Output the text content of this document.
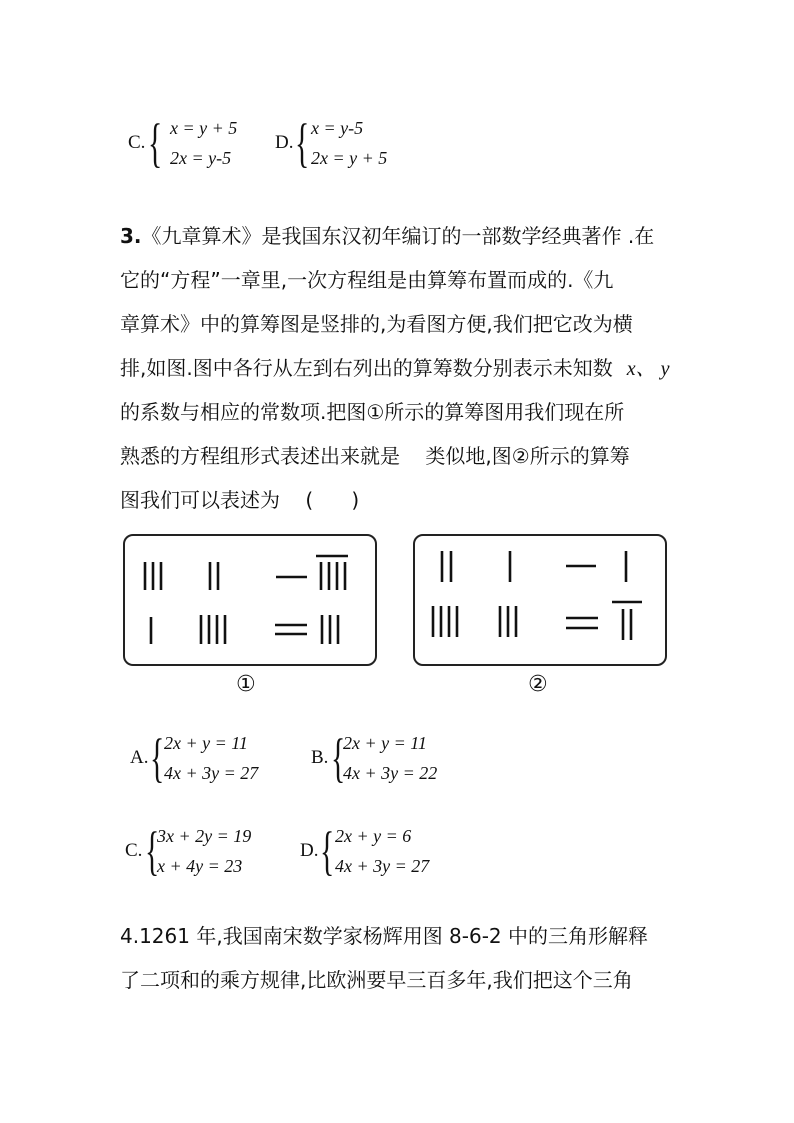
C. { x = y + 5
2x = y-5
D. { x = y-5
2x = y + 5
3.《九章算术》是我国东汉初年编订的一部数学经典著作 .在
它的“方程”一章里,一次方程组是由算筹布置而成的.《九
章算术》中的算筹图是竖排的,为看图方便,我们把它改为横
排,如图.图中各行从左到右列出的算筹数分别表示未知数 x、 y
的系数与相应的常数项.把图①所示的算筹图用我们现在所
熟悉的方程组形式表述出来就是    类似地,图②所示的算筹
图我们可以表述为    (      )
①	②
A. { 2x + y = 11
4x + 3y = 27
B. {
2x + y = 11
4x + 3y = 22
C. {
3x + 2y = 19
x + 4y = 23
D. { 2x + y = 6
4x + 3y = 27
4.1261 年,我国南宋数学家杨辉用图 8-6-2 中的三角形解释
了二项和的乘方规律,比欧洲要早三百多年,我们把这个三角
